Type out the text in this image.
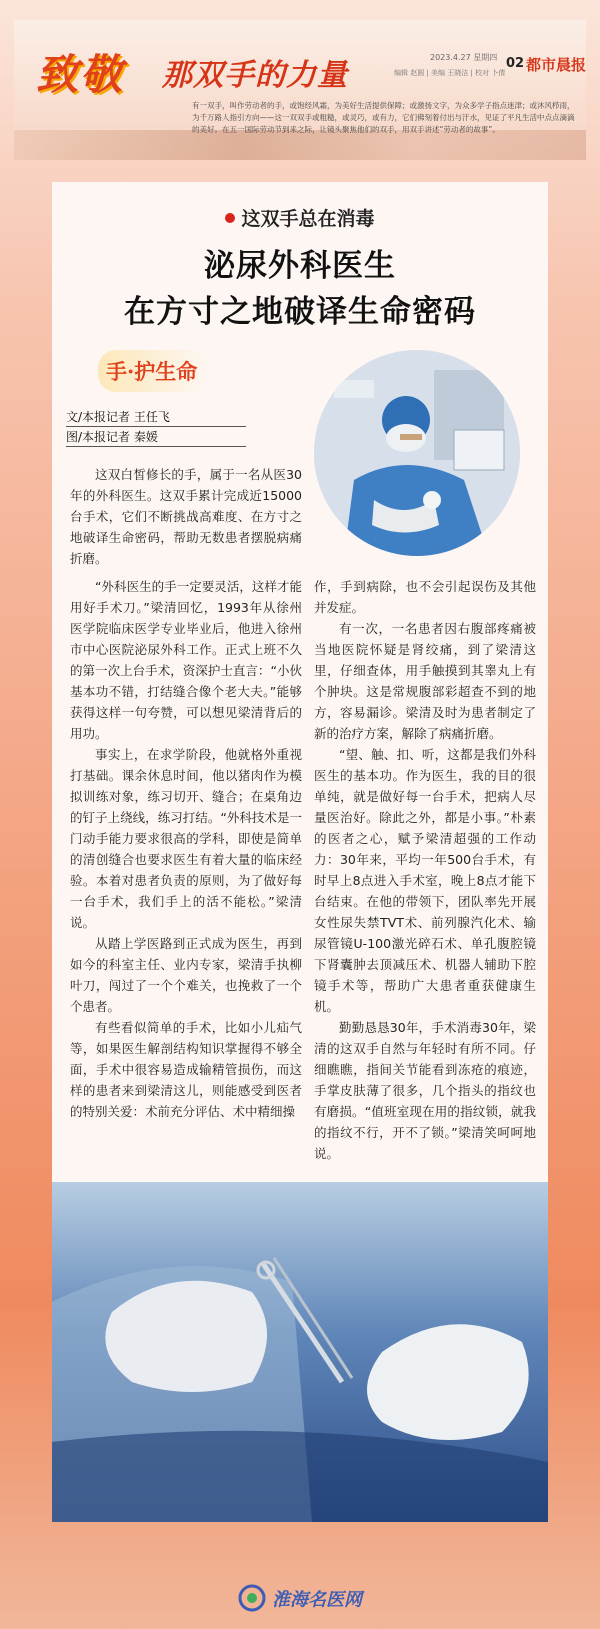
致敬 那双手的力量
2023.4.27 星期四
编辑 赵圆 | 美编 王晓洁 | 校对 卜倩
02 都市晨报
有一双手，叫作劳动者的手，或饱经风霜，为美好生活提供保障；或激扬文字，为众多学子指点迷津；或沐风栉雨，为千万路人指引方向——这一双双手或粗糙，或灵巧，或有力，它们佛刻着付出与汗水，见证了平凡生活中点点滴滴的美好。在五一国际劳动节到来之际，让镜头聚焦他们的双手，用双手讲述“劳动者的故事”。
这双手总在消毒
泌尿外科医生
在方寸之地破译生命密码
手·护生命
文/本报记者 王任飞
图/本报记者 秦媛

这双白皙修长的手，属于一名从医30年的外科医生。这双手累计完成近15000台手术，它们不断挑战高难度、在方寸之地破译生命密码，帮助无数患者摆脱病痛折磨。

“外科医生的手一定要灵活，这样才能用好手术刀。”梁清回忆，1993年从徐州医学院临床医学专业毕业后，他进入徐州市中心医院泌尿外科工作。正式上班不久的第一次上台手术，资深护士直言：“小伙基本功不错，打结缝合像个老大夫。”能够获得这样一句夸赞，可以想见梁清背后的用功。

事实上，在求学阶段，他就格外重视打基础。课余休息时间，他以猪肉作为模拟训练对象，练习切开、缝合；在桌角边的钉子上绕线，练习打结。“外科技术是一门动手能力要求很高的学科，即使是简单的清创缝合也要求医生有着大量的临床经验。本着对患者负责的原则，为了做好每一台手术，我们手上的活不能松。”梁清说。

从踏上学医路到正式成为医生，再到如今的科室主任、业内专家，梁清手执柳叶刀，闯过了一个个难关，也挽救了一个个患者。

有些看似简单的手术，比如小儿疝气等，如果医生解剖结构知识掌握得不够全面，手术中很容易造成输精管损伤，而这样的患者来到梁清这儿，则能感受到医者的特别关爱：术前充分评估、术中精细操

作，手到病除，也不会引起误伤及其他并发症。

有一次，一名患者因右腹部疼痛被当地医院怀疑是肾绞痛，到了梁清这里，仔细查体，用手触摸到其睾丸上有个肿块。这是常规腹部彩超查不到的地方，容易漏诊。梁清及时为患者制定了新的治疗方案，解除了病痛折磨。

“望、触、扣、听，这都是我们外科医生的基本功。作为医生，我的目的很单纯，就是做好每一台手术，把病人尽量医治好。除此之外，都是小事。”朴素的医者之心，赋予梁清超强的工作动力：30年来，平均一年500台手术，有时早上8点进入手术室，晚上8点才能下台结束。在他的带领下，团队率先开展女性尿失禁TVT术、前列腺汽化术、输尿管镜U-100激光碎石术、单孔腹腔镜下肾囊肿去顶减压术、机器人辅助下腔镜手术等，帮助广大患者重获健康生机。

勤勤恳恳30年，手术消毒30年，梁清的这双手自然与年轻时有所不同。仔细瞧瞧，指间关节能看到冻疮的痕迹，手掌皮肤薄了很多，几个指头的指纹也有磨损。“值班室现在用的指纹锁，就我的指纹不行，开不了锁。”梁清笑呵呵地说。

淮海名医网
